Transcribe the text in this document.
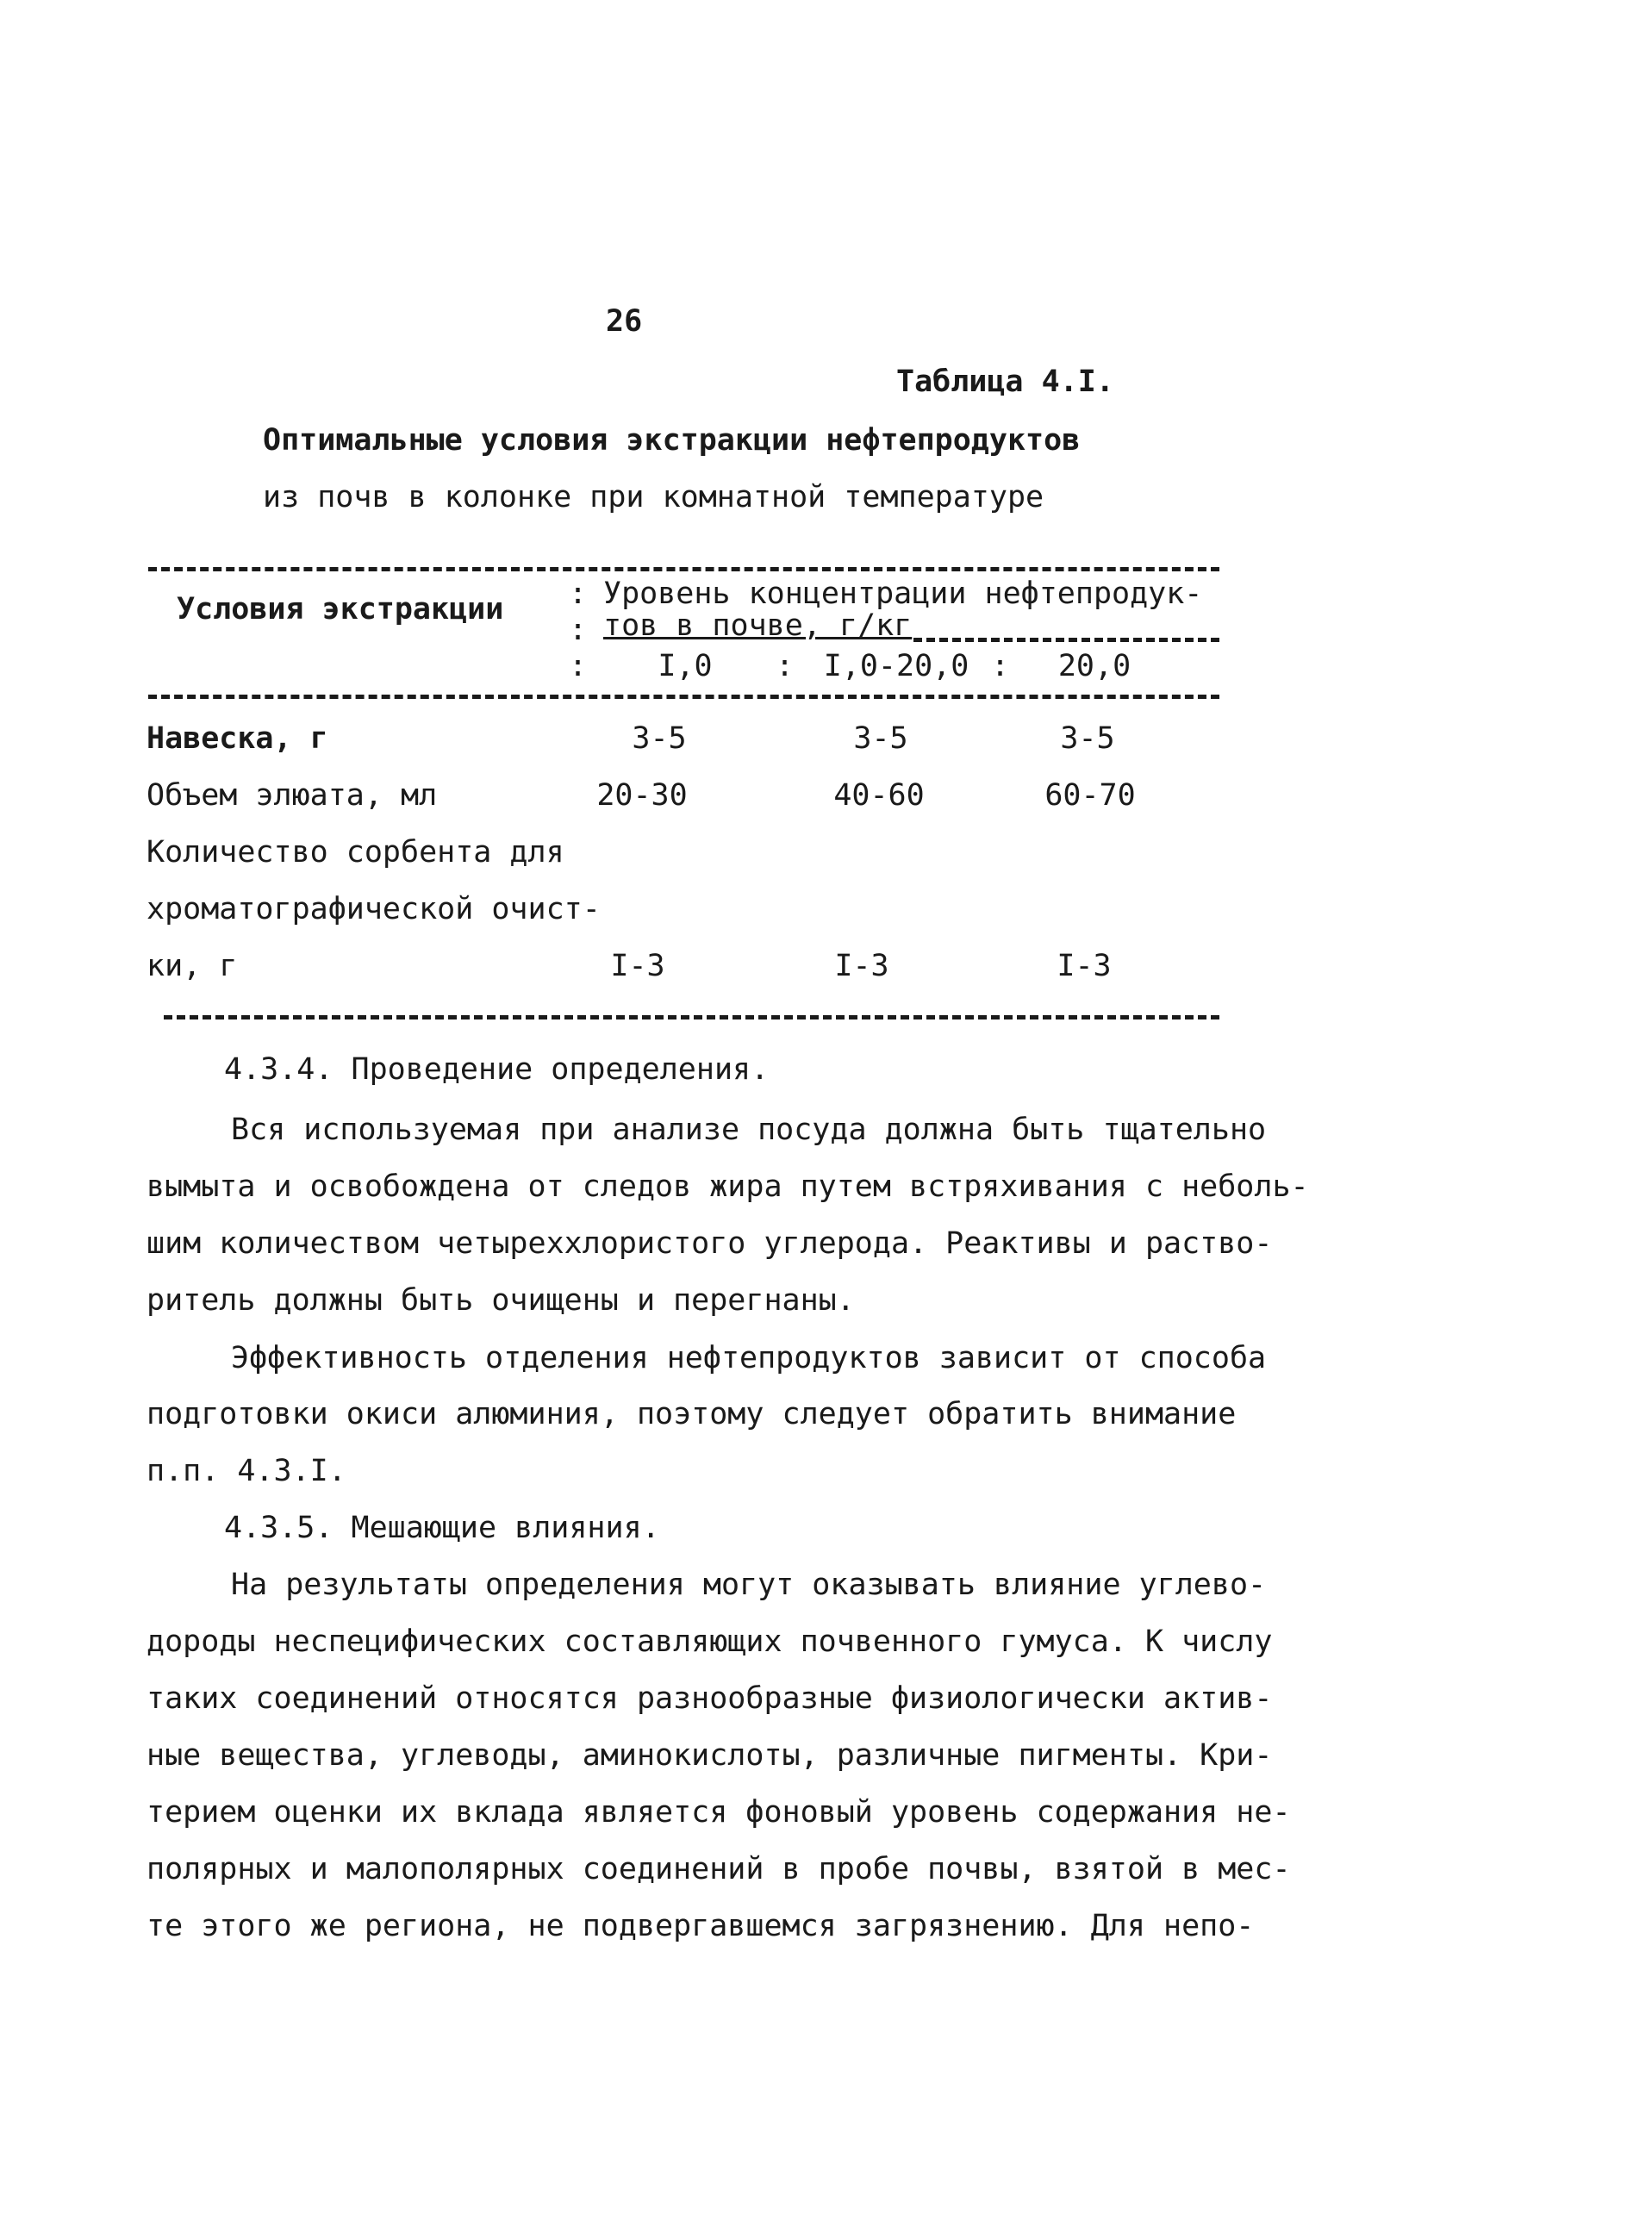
26
Таблица 4.I.
Оптимальные условия экстракции нефтепродуктов
из почв в колонке при комнатной температуре
Условия экстракции :
:
:
Уровень концентрации нефтепродук-
тов в почве, г/кг
I,0 : I,0-20,0 : 20,0
Навеска, г	3-5	3-5	3-5
Объем элюата, мл	20-30	40-60	60-70
Количество сорбента для
хроматографической очист-
ки, г	I-3	I-3	I-3
4.3.4. Проведение определения.
Вся используемая при анализе посуда должна быть тщательно
вымыта и освобождена от следов жира путем встряхивания с неболь-
шим количеством четыреххлористого углерода. Реактивы и раство-
ритель должны быть очищены и перегнаны.
Эффективность отделения нефтепродуктов зависит от способа
подготовки окиси алюминия, поэтому следует обратить внимание
п.п. 4.3.I.
4.3.5. Мешающие влияния.
На результаты определения могут оказывать влияние углево-
дороды неспецифических составляющих почвенного гумуса. К числу
таких соединений относятся разнообразные физиологически актив-
ные вещества, углеводы, аминокислоты, различные пигменты. Кри-
терием оценки их вклада является фоновый уровень содержания не-
полярных и малополярных соединений в пробе почвы, взятой в мес-
те этого же региона, не подвергавшемся загрязнению. Для непо-
